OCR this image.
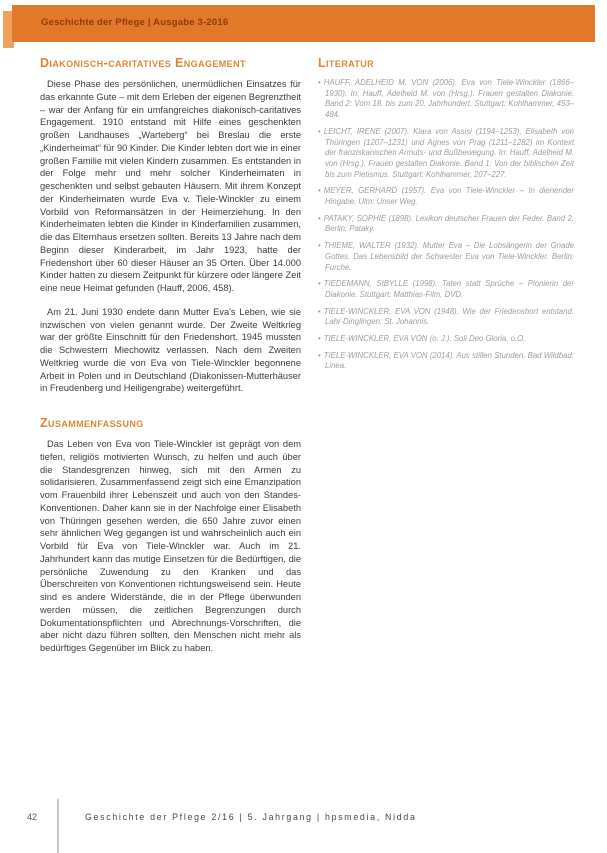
Geschichte der Pflege | Ausgabe 3-2016
Diakonisch-caritatives Engagement

Diese Phase des persönlichen, unermüdlichen Einsatzes für das erkannte Gute – mit dem Erleben der eigenen Begrenztheit – war der Anfang für ein umfangreiches diakonisch-caritatives Engagement. 1910 entstand mit Hilfe eines geschenkten großen Landhauses „Warteberg“ bei Breslau die erste „Kinderheimat“ für 90 Kinder. Die Kinder lebten dort wie in einer großen Familie mit vielen Kindern zusammen. Es entstanden in der Folge mehr und mehr solcher Kinderheimaten in geschenkten und selbst gebauten Häusern. Mit ihrem Konzept der Kinderheimaten wurde Eva v. Tiele-Winckler zu einem Vorbild von Reformansätzen in der Heimerziehung. In den Kinderheimaten lebten die Kinder in Kinderfamilien zusammen, die das Elternhaus ersetzen sollten. Bereits 13 Jahre nach dem Beginn dieser Kinderarbeit, im Jahr 1923, hatte der Friedenshort über 60 dieser Häuser an 35 Orten. Über 14.000 Kinder hatten zu diesem Zeitpunkt für kürzere oder längere Zeit eine neue Heimat gefunden (Hauff, 2006, 458).

Am 21. Juni 1930 endete dann Mutter Eva's Leben, wie sie inzwischen von vielen genannt wurde. Der Zweite Weltkrieg war der größte Einschnitt für den Friedenshort. 1945 mussten die Schwestern Miechowitz verlassen. Nach dem Zweiten Weltkrieg wurde die von Eva von Tiele-Winckler begonnene Arbeit in Polen und in Deutschland (Diakonissen-Mutterhäuser in Freudenberg und Heiligengrabe) weitergeführt.

Zusammenfassung

Das Leben von Eva von Tiele-Winckler ist geprägt von dem tiefen, religiös motivierten Wunsch, zu helfen und auch über die Standesgrenzen hinweg, sich mit den Armen zu solidarisieren. Zusammenfassend zeigt sich eine Emanzipation vom Frauenbild ihrer Lebenszeit und auch von den Standes-Konventionen. Daher kann sie in der Nachfolge einer Elisabeth von Thüringen gesehen werden, die 650 Jahre zuvor einen sehr ähnlichen Weg gegangen ist und wahrscheinlich auch ein Vorbild für Eva von Tiele-Winckler war. Auch im 21. Jahrhundert kann das mutige Einsetzen für die Bedürftigen, die persönliche Zuwendung zu den Kranken und das Überschreiten von Konventionen richtungsweisend sein. Heute sind es andere Widerstände, die in der Pflege überwunden werden müssen, die zeitlichen Begrenzungen durch Dokumentationspflichten und Abrechnungs-Vorschriften, die aber nicht dazu führen sollten, den Menschen nicht mehr als bedürftiges Gegenüber im Blick zu haben.

Literatur
• HAUFF, ADELHEID M. VON (2006). Eva von Tiele-Winckler (1866–1930). In: Hauff, Adelheid M. von (Hrsg.). Frauen gestalten Diakonie. Band 2: Vom 18. bis zum 20. Jahrhundert. Stuttgart: Kohlhammer, 453–484.
• LEICHT, IRENE (2007). Klara von Assisi (1194–1253), Elisabeth von Thüringen (1207–1231) und Agnes von Prag (1211–1282) im Kontext der franziskanischen Armuts- und Bußbewegung. In: Hauff, Adelheid M. von (Hrsg.). Frauen gestalten Diakonie. Band 1: Von der biblischen Zeit bis zum Pietismus. Stuttgart: Kohlhammer, 207–227.
• MEYER, GERHARD (1957). Eva von Tiele-Winckler – In dienender Hingabe. Ulm: Unser Weg.
• PATAKY, SOPHIE (1898). Lexikon deutscher Frauen der Feder. Band 2. Berlin: Pataky.
• THIEME, WALTER (1932). Mutter Eva – Die Lobsängerin der Gnade Gottes. Das Lebensbild der Schwester Eva von Tiele-Winckler. Berlin: Furche.
• TIEDEMANN, SIBYLLE (1998). Taten statt Sprüche – Pionierin der Diakonie. Stuttgart: Matthias-Film, DVD.
• TIELE-WINCKLER, EVA VON (1948). Wie der Friedenshort entstand. Lahr-Dinglingen: St. Johannis.
• TIELE-WINCKLER, EVA VON (o. J.). Soli Deo Gloria. o.O.
• TIELE-WINCKLER, EVA VON (2014). Aus stillen Stunden. Bad Wildbad: Linea.
42	Geschichte der Pflege 2/16 | 5. Jahrgang | hpsmedia, Nidda
